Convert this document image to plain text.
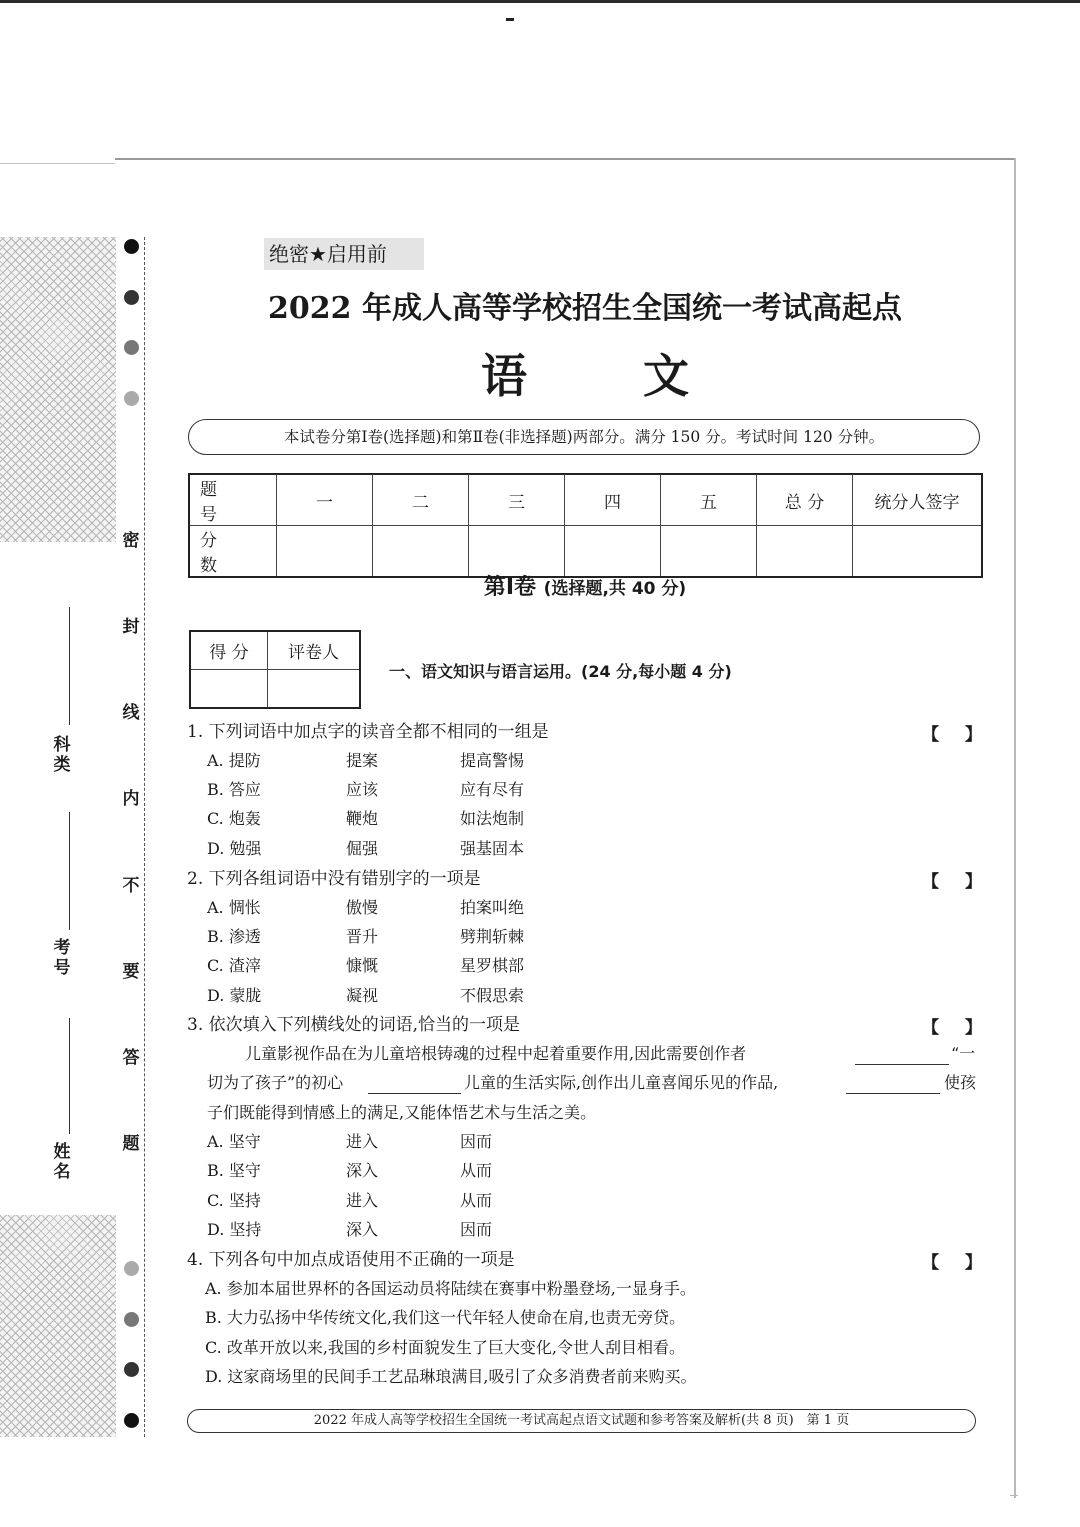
密
封
线
内
不
要
答
题
科类
考号
姓名
绝密★启用前
2022 年成人高等学校招生全国统一考试高起点
语 文
本试卷分第Ⅰ卷(选择题)和第Ⅱ卷(非选择题)两部分。满分 150 分。考试时间 120 分钟。
题 号	一	二	三	四	五	总 分	统分人签字
分 数							
第Ⅰ卷 (选择题,共 40 分)
得 分	评卷人

一、语文知识与语言运用。(24 分,每小题 4 分)
1. 下列词语中加点字的读音全都不相同的一组是	【 】
A. 提防	提案	提高警惕
B. 答应	应该	应有尽有
C. 炮轰	鞭炮	如法炮制
D. 勉强	倔强	强基固本
2. 下列各组词语中没有错别字的一项是	【 】
A. 惆怅	傲慢	拍案叫绝
B. 渗透	晋升	劈荆斩棘
C. 渣滓	慷慨	星罗棋部
D. 蒙胧	凝视	不假思索
3. 依次填入下列横线处的词语,恰当的一项是	【 】
儿童影视作品在为儿童培根铸魂的过程中起着重要作用,因此需要创作者	“一
切为了孩子”的初心	儿童的生活实际,创作出儿童喜闻乐见的作品,	使孩
子们既能得到情感上的满足,又能体悟艺术与生活之美。
A. 坚守	进入	因而
B. 坚守	深入	从而
C. 坚持	进入	从而
D. 坚持	深入	因而
4. 下列各句中加点成语使用不正确的一项是	【 】
A. 参加本届世界杯的各国运动员将陆续在赛事中粉墨登场,一显身手。
B. 大力弘扬中华传统文化,我们这一代年轻人使命在肩,也责无旁贷。
C. 改革开放以来,我国的乡村面貌发生了巨大变化,令世人刮目相看。
D. 这家商场里的民间手工艺品琳琅满目,吸引了众多消费者前来购买。
2022 年成人高等学校招生全国统一考试高起点语文试题和参考答案及解析(共 8 页)　第 1 页
